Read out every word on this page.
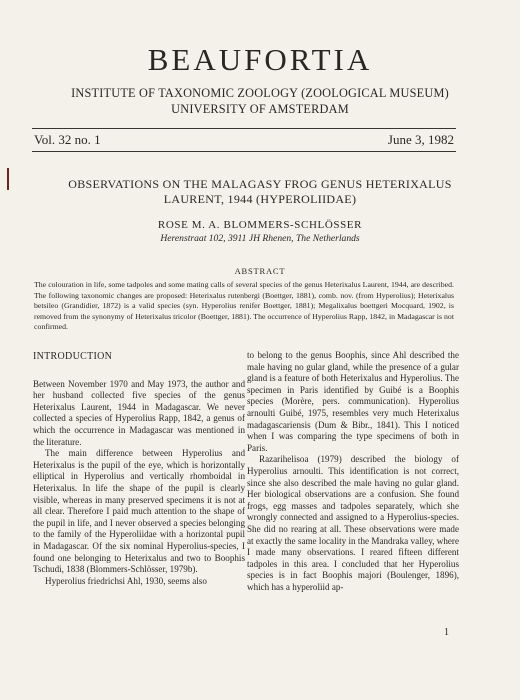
BEAUFORTIA
INSTITUTE OF TAXONOMIC ZOOLOGY (ZOOLOGICAL MUSEUM)
UNIVERSITY OF AMSTERDAM
Vol. 32 no. 1	June 3, 1982
OBSERVATIONS ON THE MALAGASY FROG GENUS HETERIXALUS
LAURENT, 1944 (HYPEROLIIDAE)
ROSE M. A. BLOMMERS-SCHLÖSSER
Herenstraat 102, 3911 JH Rhenen, The Netherlands
ABSTRACT
The colouration in life, some tadpoles and some mating calls of several species of the genus Heterixalus Laurent, 1944, are described. The following taxonomic changes are proposed: Heterixalus rutenbergi (Boettger, 1881), comb. nov. (from Hyperolius); Heterixalus betsileo (Grandidier, 1872) is a valid species (syn. Hyperolius renifer Boettger, 1881); Megalixalus boettgeri Mocquard, 1902, is removed from the synonymy of Heterixalus tricolor (Boettger, 1881). The occurrence of Hyperolius Rapp, 1842, in Madagascar is not confirmed.
INTRODUCTION

Between November 1970 and May 1973, the author and her husband collected five species of the genus Heterixalus Laurent, 1944 in Madagascar. We never collected a species of Hyperolius Rapp, 1842, a genus of which the occurrence in Madagascar was mentioned in the literature.

The main difference between Hyperolius and Heterixalus is the pupil of the eye, which is horizontally elliptical in Hyperolius and vertically rhomboidal in Heterixalus. In life the shape of the pupil is clearly visible, whereas in many preserved specimens it is not at all clear. Therefore I paid much attention to the shape of the pupil in life, and I never observed a species belonging to the family of the Hyperoliidae with a horizontal pupil in Madagascar. Of the six nominal Hyperolius-species, I found one belonging to Heterixalus and two to Boophis Tschudi, 1838 (Blommers-Schlösser, 1979b).

Hyperolius friedrichsi Ahl, 1930, seems also

to belong to the genus Boophis, since Ahl described the male having no gular gland, while the presence of a gular gland is a feature of both Heterixalus and Hyperolius. The specimen in Paris identified by Guibé is a Boophis species (Morère, pers. communication). Hyperolius arnoulti Guibé, 1975, resembles very much Heterixalus madagascariensis (Dum & Bibr., 1841). This I noticed when I was comparing the type specimens of both in Paris.

Razarihelisoa (1979) described the biology of Hyperolius arnoulti. This identification is not correct, since she also described the male having no gular gland. Her biological observations are a confusion. She found frogs, egg masses and tadpoles separately, which she wrongly connected and assigned to a Hyperolius-species. She did no rearing at all. These observations were made at exactly the same locality in the Mandraka valley, where I made many observations. I reared fifteen different tadpoles in this area. I concluded that her Hyperolius species is in fact Boophis majori (Boulenger, 1896), which has a hyperoliid ap-

1
